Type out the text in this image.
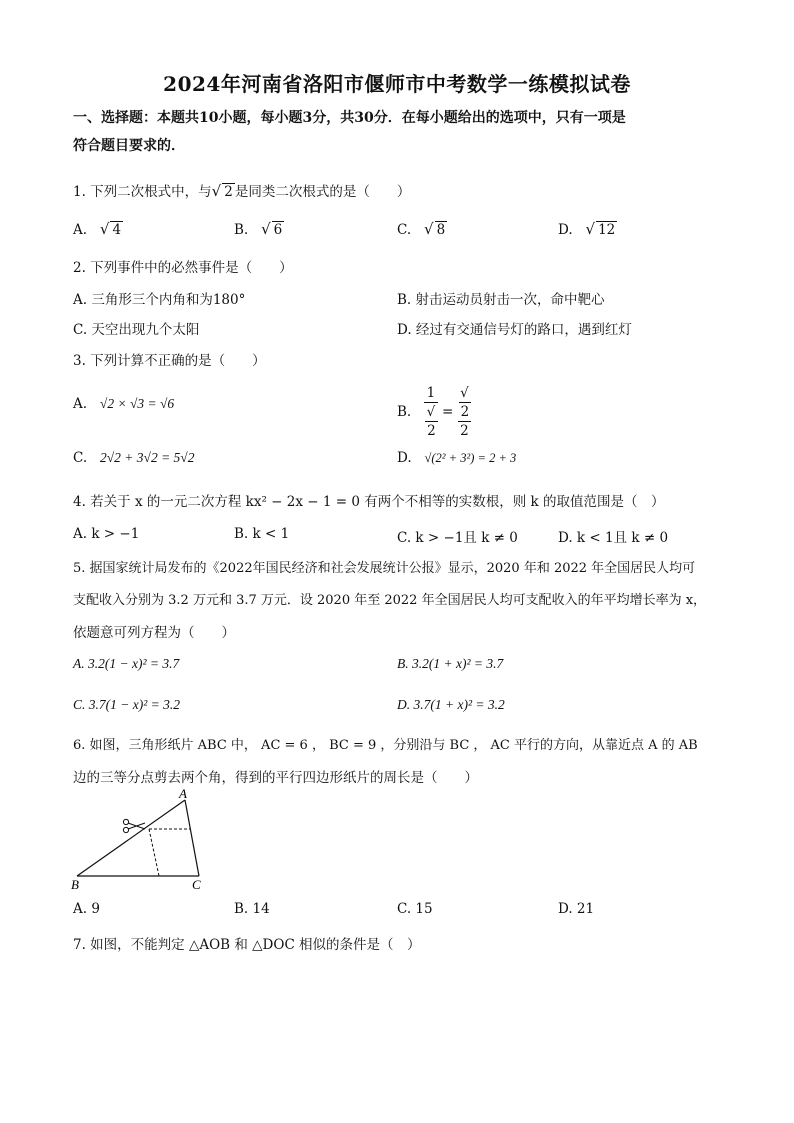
2024年河南省洛阳市偃师市中考数学一练模拟试卷
一、选择题：本题共10小题，每小题3分，共30分．在每小题给出的选项中，只有一项是
符合题目要求的．
1. 下列二次根式中，与√ 2 是同类二次根式的是（　　）
A. √ 4	B. √ 6	C. √ 8	D. √ 12
2. 下列事件中的必然事件是（　　）
A. 三角形三个内角和为180°	B. 射击运动员射击一次，命中靶心
C. 天空出现九个太阳	D. 经过有交通信号灯的路口，遇到红灯
3. 下列计算不正确的是（　　）
A. √2 × √3 = √6
B. 1
√
2 = √
2
2
C. 2√2 + 3√2 = 5√2	D. √(2² + 3²) = 2 + 3
4. 若关于 x 的一元二次方程 kx² − 2x − 1 = 0 有两个不相等的实数根，则 k 的取值范围是（　）
A. k > −1	B. k < 1	C. k > −1且 k ≠ 0	D. k < 1且 k ≠ 0
5. 据国家统计局发布的《2022年国民经济和社会发展统计公报》显示，2020 年和 2022 年全国居民人均可
支配收入分别为 3.2 万元和 3.7 万元．设 2020 年至 2022 年全国居民人均可支配收入的年平均增长率为 x，
依题意可列方程为（　　）
A. 3.2(1 − x)² = 3.7	B. 3.2(1 + x)² = 3.7
C. 3.7(1 − x)² = 3.2	D. 3.7(1 + x)² = 3.2
6. 如图，三角形纸片 ABC 中， AC = 6 ， BC = 9 ，分别沿与 BC ， AC 平行的方向，从靠近点 A 的 AB
边的三等分点剪去两个角，得到的平行四边形纸片的周长是（　　）
A
B	C
A. 9	B. 14	C. 15	D. 21
7. 如图，不能判定 △AOB 和 △DOC 相似的条件是（　）
